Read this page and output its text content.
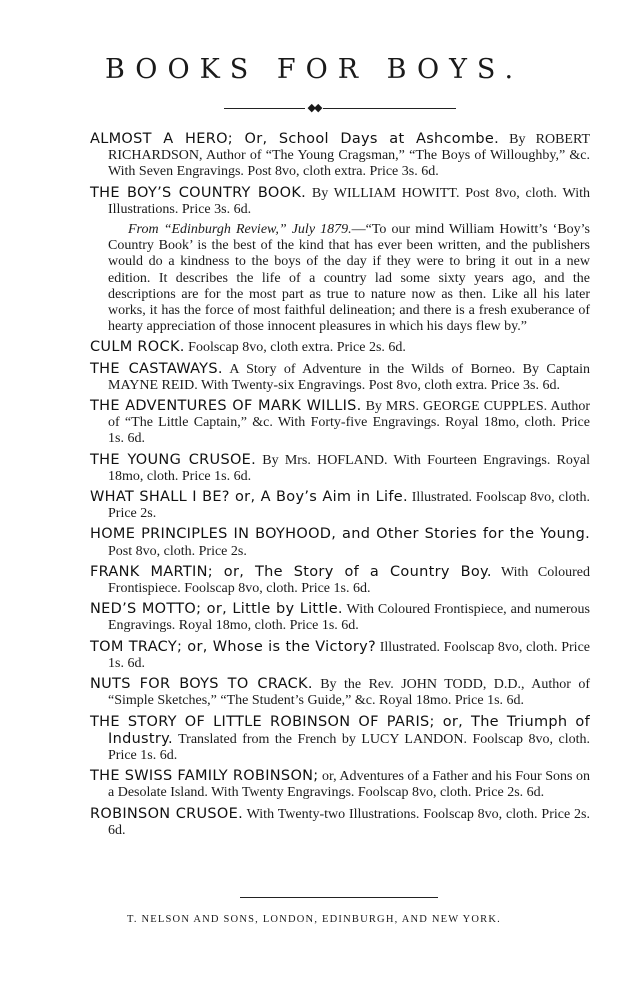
BOOKS FOR BOYS.
◆◆

ALMOST A HERO; Or, School Days at Ashcombe. By ROBERT RICHARDSON, Author of “The Young Cragsman,” “The Boys of Willoughby,” &c. With Seven Engravings. Post 8vo, cloth extra. Price 3s. 6d.

THE BOY’S COUNTRY BOOK. By WILLIAM HOWITT. Post 8vo, cloth. With Illustrations. Price 3s. 6d.

From “Edinburgh Review,” July 1879.—“To our mind William Howitt’s ‘Boy’s Country Book’ is the best of the kind that has ever been written, and the publishers would do a kindness to the boys of the day if they were to bring it out in a new edition. It describes the life of a country lad some sixty years ago, and the descriptions are for the most part as true to nature now as then. Like all his later works, it has the force of most faithful delineation; and there is a fresh exuberance of hearty appreciation of those innocent pleasures in which his days flew by.”

CULM ROCK. Foolscap 8vo, cloth extra. Price 2s. 6d.

THE CASTAWAYS. A Story of Adventure in the Wilds of Borneo. By Captain MAYNE REID. With Twenty-six Engravings. Post 8vo, cloth extra. Price 3s. 6d.

THE ADVENTURES OF MARK WILLIS. By MRS. GEORGE CUPPLES. Author of “The Little Captain,” &c. With Forty-five Engravings. Royal 18mo, cloth. Price 1s. 6d.

THE YOUNG CRUSOE. By Mrs. HOFLAND. With Fourteen Engravings. Royal 18mo, cloth. Price 1s. 6d.

WHAT SHALL I BE? or, A Boy’s Aim in Life. Illustrated. Foolscap 8vo, cloth. Price 2s.

HOME PRINCIPLES IN BOYHOOD, and Other Stories for the Young. Post 8vo, cloth. Price 2s.

FRANK MARTIN; or, The Story of a Country Boy. With Coloured Frontispiece. Foolscap 8vo, cloth. Price 1s. 6d.

NED’S MOTTO; or, Little by Little. With Coloured Frontispiece, and numerous Engravings. Royal 18mo, cloth. Price 1s. 6d.

TOM TRACY; or, Whose is the Victory? Illustrated. Foolscap 8vo, cloth. Price 1s. 6d.

NUTS FOR BOYS TO CRACK. By the Rev. JOHN TODD, D.D., Author of “Simple Sketches,” “The Student’s Guide,” &c. Royal 18mo. Price 1s. 6d.

THE STORY OF LITTLE ROBINSON OF PARIS; or, The Triumph of Industry. Translated from the French by LUCY LANDON. Foolscap 8vo, cloth. Price 1s. 6d.

THE SWISS FAMILY ROBINSON; or, Adventures of a Father and his Four Sons on a Desolate Island. With Twenty Engravings. Foolscap 8vo, cloth. Price 2s. 6d.

ROBINSON CRUSOE. With Twenty-two Illustrations. Foolscap 8vo, cloth. Price 2s. 6d.

T. NELSON AND SONS, LONDON, EDINBURGH, AND NEW YORK.
